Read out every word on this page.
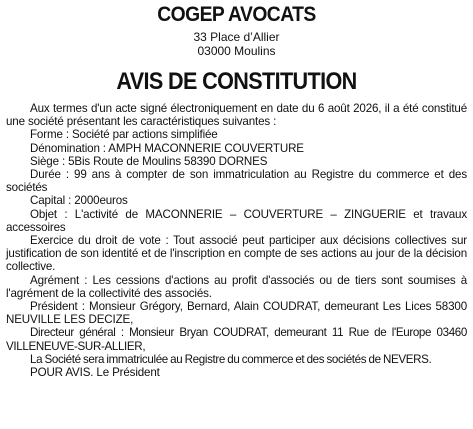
COGEP AVOCATS
33 Place d’Allier
03000 Moulins
AVIS DE CONSTITUTION

Aux termes d'un acte signé électroniquement en date du 6 août 2026, il a été constitué une société présentant les caractéristiques suivantes :

Forme : Société par actions simplifiée

Dénomination : AMPH MACONNERIE COUVERTURE

Siège : 5Bis Route de Moulins 58390 DORNES

Durée : 99 ans à compter de son immatriculation au Registre du commerce et des sociétés

Capital : 2000euros

Objet : L'activité de MACONNERIE – COUVERTURE – ZINGUERIE et travaux accessoires

Exercice du droit de vote : Tout associé peut participer aux décisions collectives sur justification de son identité et de l'inscription en compte de ses actions au jour de la décision collective.

Agrément : Les cessions d'actions au profit d'associés ou de tiers sont soumises à l'agrément de la collectivité des associés.

Président : Monsieur Grégory, Bernard, Alain COUDRAT, demeurant Les Lices 58300 NEUVILLE LES DECIZE,

Directeur général : Monsieur Bryan COUDRAT, demeurant 11 Rue de l'Europe 03460 VILLENEUVE-SUR-ALLIER,

La Société sera immatriculée au Registre du commerce et des sociétés de NEVERS.

POUR AVIS. Le Président
